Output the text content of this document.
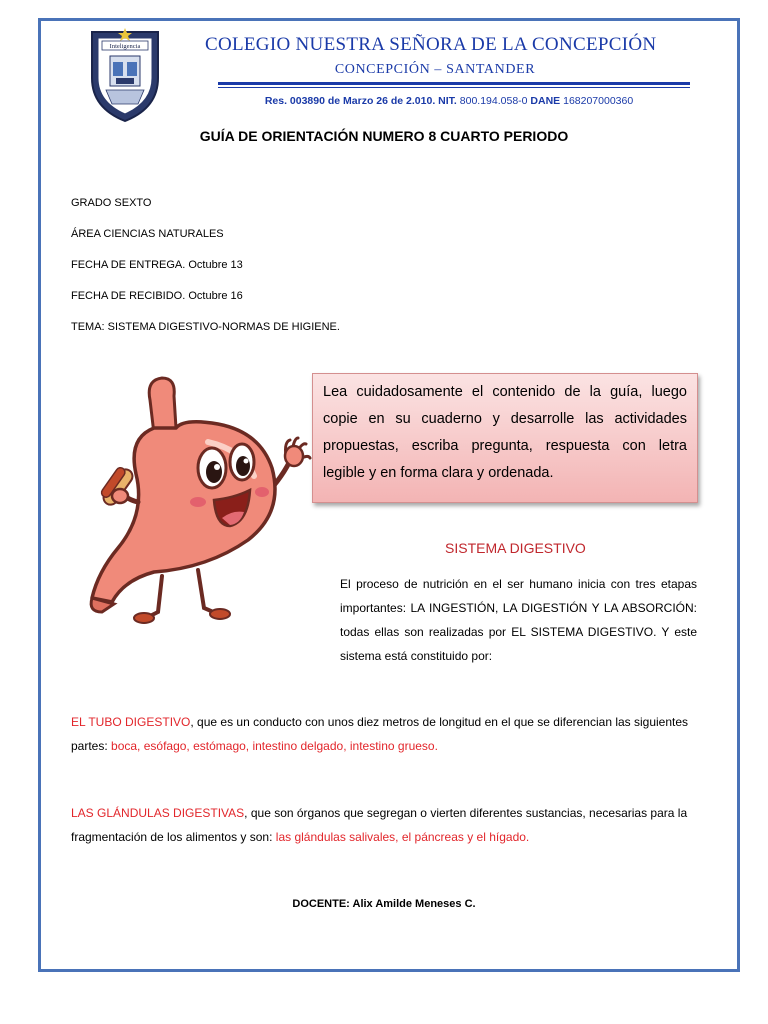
Inteligencia	COLEGIO NUESTRA SEÑORA DE LA CONCEPCIÓN
CONCEPCIÓN – SANTANDER
Res. 003890 de Marzo 26 de 2.010. NIT. 800.194.058-0 DANE 168207000360
GUÍA DE ORIENTACIÓN NUMERO 8 CUARTO PERIODO
GRADO SEXTO
ÁREA CIENCIAS NATURALES
FECHA DE ENTREGA. Octubre 13
FECHA DE RECIBIDO. Octubre 16
TEMA: SISTEMA DIGESTIVO-NORMAS DE HIGIENE.
Lea cuidadosamente el contenido de la guía, luego copie en su cuaderno y desarrolle las actividades propuestas, escriba pregunta, respuesta con letra legible y en forma clara y ordenada.
SISTEMA DIGESTIVO
El proceso de nutrición en el ser humano inicia con tres etapas importantes: LA INGESTIÓN, LA DIGESTIÓN Y LA ABSORCIÓN: todas ellas son realizadas por EL SISTEMA DIGESTIVO. Y este sistema está constituido por:
EL TUBO DIGESTIVO, que es un conducto con unos diez metros de longitud en el que se diferencian las siguientes partes: boca, esófago, estómago, intestino delgado, intestino grueso.
LAS GLÁNDULAS DIGESTIVAS, que son órganos que segregan o vierten diferentes sustancias, necesarias para la fragmentación de los alimentos y son: las glándulas salivales, el páncreas y el hígado.
DOCENTE: Alix Amilde Meneses C.
